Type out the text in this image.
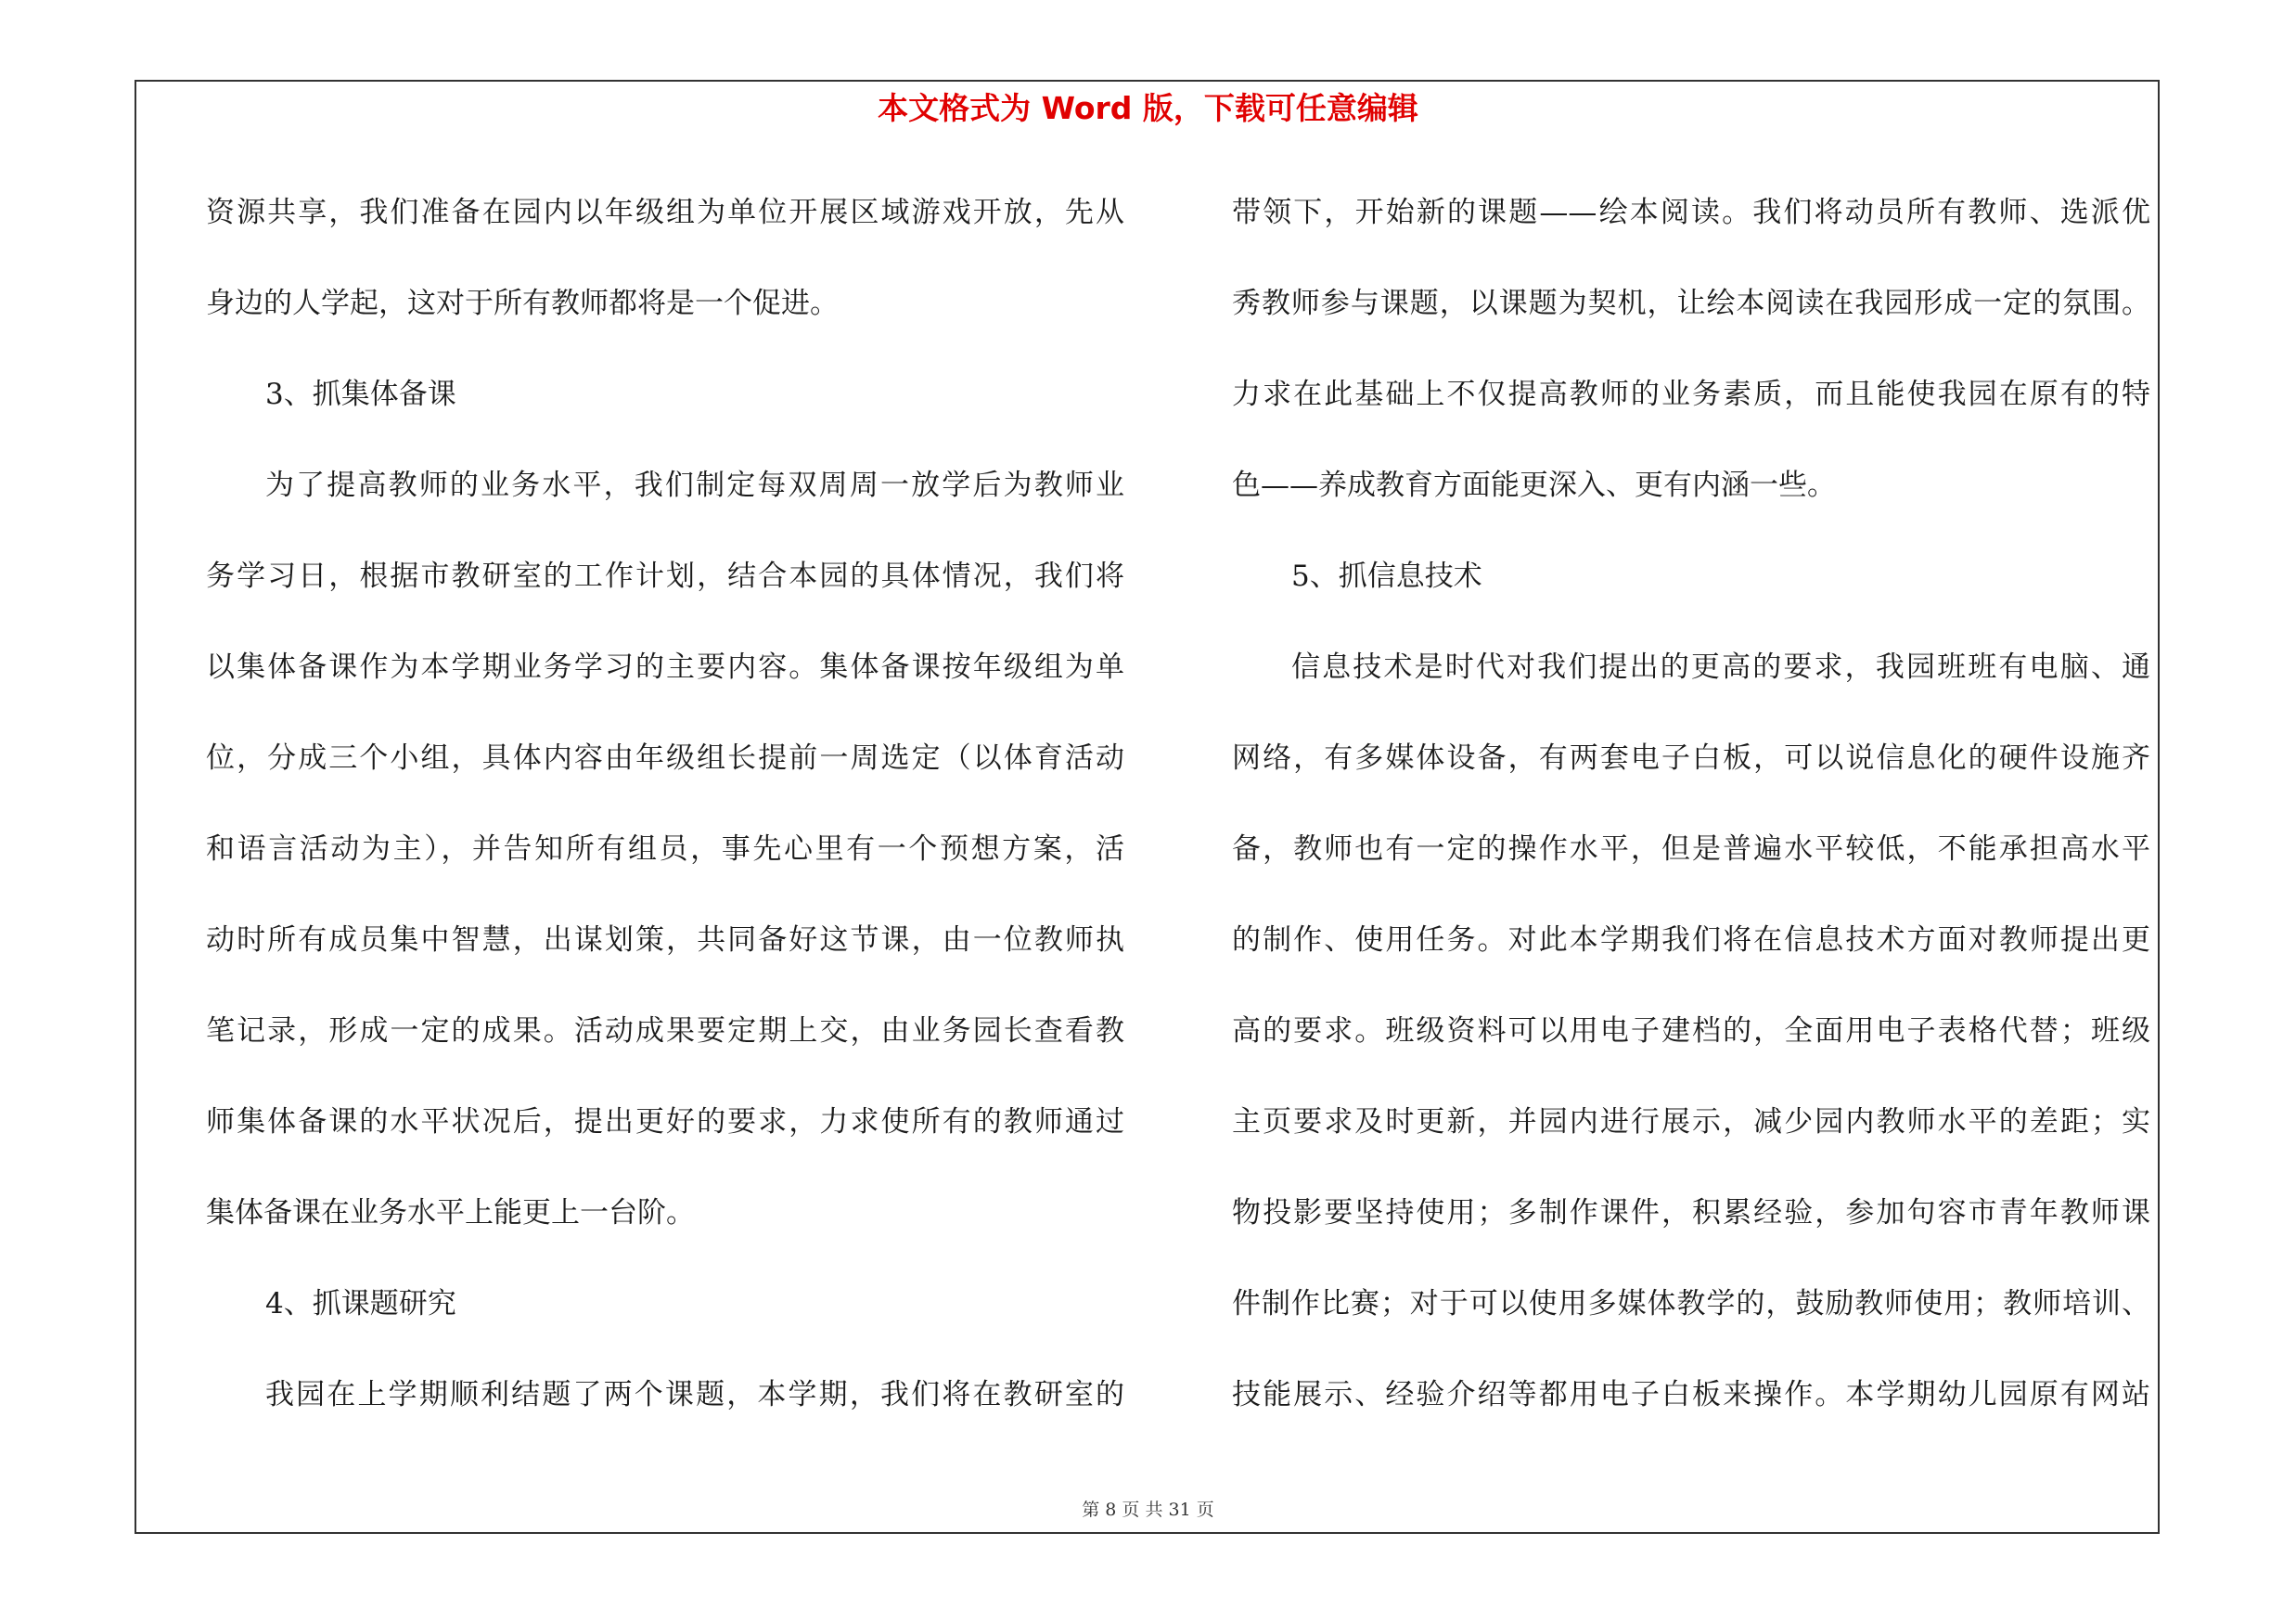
本文格式为 Word 版，下载可任意编辑
资源共享，我们准备在园内以年级组为单位开展区域游戏开放，先从
身边的人学起，这对于所有教师都将是一个促进。
3、抓集体备课
为了提高教师的业务水平，我们制定每双周周一放学后为教师业
务学习日，根据市教研室的工作计划，结合本园的具体情况，我们将
以集体备课作为本学期业务学习的主要内容。集体备课按年级组为单
位，分成三个小组，具体内容由年级组长提前一周选定（以体育活动
和语言活动为主），并告知所有组员，事先心里有一个预想方案，活
动时所有成员集中智慧，出谋划策，共同备好这节课，由一位教师执
笔记录，形成一定的成果。活动成果要定期上交，由业务园长查看教
师集体备课的水平状况后，提出更好的要求，力求使所有的教师通过
集体备课在业务水平上能更上一台阶。
4、抓课题研究
我园在上学期顺利结题了两个课题，本学期，我们将在教研室的
带领下，开始新的课题——绘本阅读。我们将动员所有教师、选派优
秀教师参与课题，以课题为契机，让绘本阅读在我园形成一定的氛围。
力求在此基础上不仅提高教师的业务素质，而且能使我园在原有的特
色——养成教育方面能更深入、更有内涵一些。
5、抓信息技术
信息技术是时代对我们提出的更高的要求，我园班班有电脑、通
网络，有多媒体设备，有两套电子白板，可以说信息化的硬件设施齐
备，教师也有一定的操作水平，但是普遍水平较低，不能承担高水平
的制作、使用任务。对此本学期我们将在信息技术方面对教师提出更
高的要求。班级资料可以用电子建档的，全面用电子表格代替；班级
主页要求及时更新，并园内进行展示，减少园内教师水平的差距；实
物投影要坚持使用；多制作课件，积累经验，参加句容市青年教师课
件制作比赛；对于可以使用多媒体教学的，鼓励教师使用；教师培训、
技能展示、经验介绍等都用电子白板来操作。本学期幼儿园原有网站
第 8 页 共 31 页
